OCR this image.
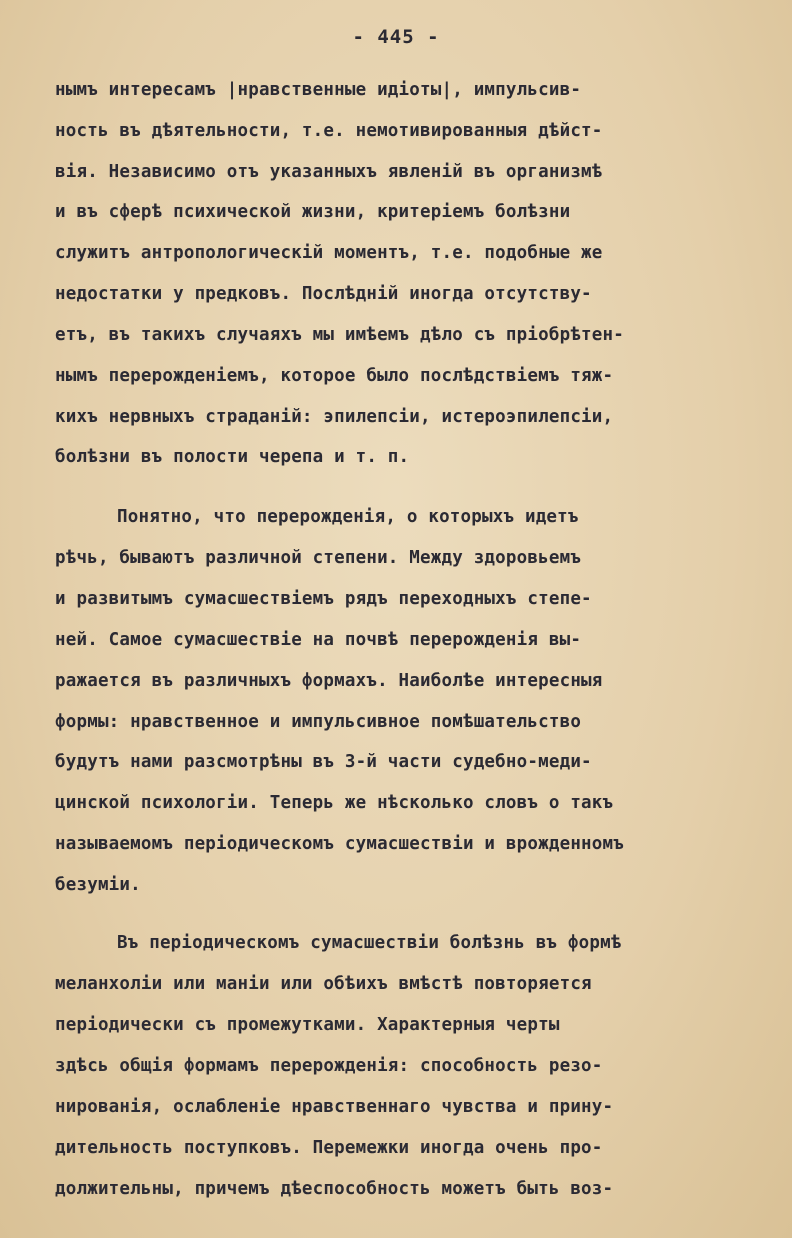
- 445 -
нымъ интересамъ |нравственные идіоты|, импульсив-
ность въ дѣятельности, т.е. немотивированныя дѣйст-
вія. Независимо отъ указанныхъ явленій въ организмѣ
и въ сферѣ психической жизни, критеріемъ болѣзни
служитъ антропологическій моментъ, т.е. подобные же
недостатки у предковъ. Послѣдній иногда отсутству-
етъ, въ такихъ случаяхъ мы имѣемъ дѣло съ пріобрѣтен-
нымъ перерожденіемъ, которое было послѣдствіемъ тяж-
кихъ нервныхъ страданій: эпилепсіи, истероэпилепсіи,
болѣзни въ полости черепа и т. п.
Понятно, что перерожденія, о которыхъ идетъ
рѣчь, бываютъ различной степени. Между здоровьемъ
и развитымъ сумасшествіемъ рядъ переходныхъ степе-
ней. Самое сумасшествіе на почвѣ перерожденія вы-
ражается въ различныхъ формахъ. Наиболѣе интересныя
формы: нравственное и импульсивное помѣшательство
будутъ нами разсмотрѣны въ 3-й части судебно-меди-
цинской психологіи. Теперь же нѣсколько словъ о такъ
называемомъ періодическомъ сумасшествіи и врожденномъ
безуміи.
Въ періодическомъ сумасшествіи болѣзнь въ формѣ
меланхоліи или маніи или обѣихъ вмѣстѣ повторяется
періодически съ промежутками. Характерныя черты
здѣсь общія формамъ перерожденія: способность резо-
нированія, ослабленіе нравственнаго чувства и прину-
дительность поступковъ. Перемежки иногда очень про-
должительны, причемъ дѣеспособность можетъ быть воз-
